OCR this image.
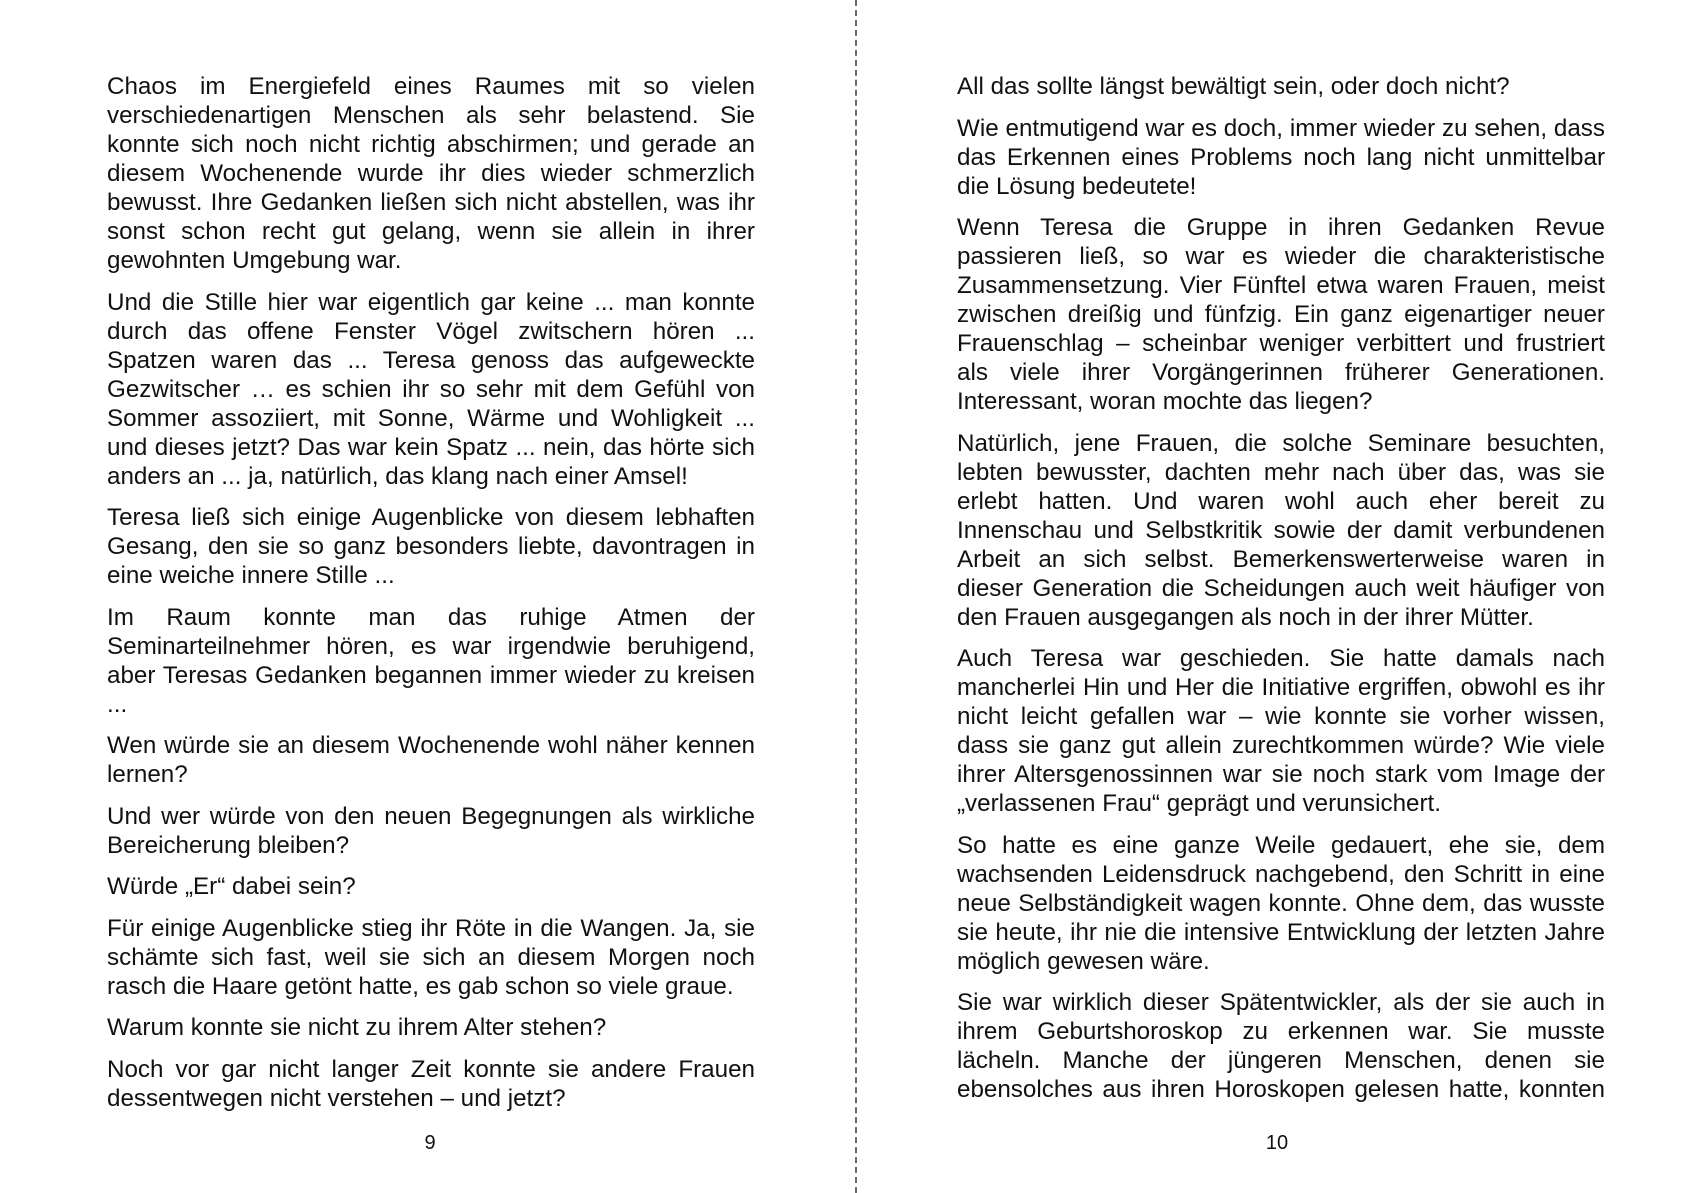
Chaos im Energiefeld eines Raumes mit so vielen verschiedenartigen Menschen als sehr belastend. Sie konnte sich noch nicht richtig abschirmen; und gerade an diesem Wochenende wurde ihr dies wieder schmerzlich bewusst. Ihre Gedanken ließen sich nicht abstellen, was ihr sonst schon recht gut gelang, wenn sie allein in ihrer gewohnten Umgebung war.

Und die Stille hier war eigentlich gar keine ... man konnte durch das offene Fenster Vögel zwitschern hören ... Spatzen waren das ... Teresa genoss das aufgeweckte Gezwitscher … es schien ihr so sehr mit dem Gefühl von Sommer assoziiert, mit Sonne, Wärme und Wohligkeit ... und dieses jetzt? Das war kein Spatz ... nein, das hörte sich anders an ... ja, natürlich, das klang nach einer Amsel!

Teresa ließ sich einige Augenblicke von diesem lebhaften Gesang, den sie so ganz besonders liebte, davontragen in eine weiche innere Stille ...

Im Raum konnte man das ruhige Atmen der Seminarteilnehmer hören, es war irgendwie beruhigend, aber Teresas Gedanken begannen immer wieder zu kreisen ...

Wen würde sie an diesem Wochenende wohl näher kennen lernen?

Und wer würde von den neuen Begegnungen als wirkliche Bereicherung bleiben?

Würde „Er“ dabei sein?

Für einige Augenblicke stieg ihr Röte in die Wangen. Ja, sie schämte sich fast, weil sie sich an diesem Morgen noch rasch die Haare getönt hatte, es gab schon so viele graue.

Warum konnte sie nicht zu ihrem Alter stehen?

Noch vor gar nicht langer Zeit konnte sie andere Frauen dessentwegen nicht verstehen – und jetzt?

9

All das sollte längst bewältigt sein, oder doch nicht?

Wie entmutigend war es doch, immer wieder zu sehen, dass das Erkennen eines Problems noch lang nicht unmittelbar die Lösung bedeutete!

Wenn Teresa die Gruppe in ihren Gedanken Revue passieren ließ, so war es wieder die charakteristische Zusammensetzung. Vier Fünftel etwa waren Frauen, meist zwischen dreißig und fünfzig. Ein ganz eigenartiger neuer Frauenschlag – scheinbar weniger verbittert und frustriert als viele ihrer Vorgängerinnen früherer Generationen. Interessant, woran mochte das liegen?

Natürlich, jene Frauen, die solche Seminare besuchten, lebten bewusster, dachten mehr nach über das, was sie erlebt hatten. Und waren wohl auch eher bereit zu Innenschau und Selbstkritik sowie der damit verbundenen Arbeit an sich selbst. Bemerkenswerterweise waren in dieser Generation die Scheidungen auch weit häufiger von den Frauen ausgegangen als noch in der ihrer Mütter.

Auch Teresa war geschieden. Sie hatte damals nach mancherlei Hin und Her die Initiative ergriffen, obwohl es ihr nicht leicht gefallen war – wie konnte sie vorher wissen, dass sie ganz gut allein zurechtkommen würde? Wie viele ihrer Altersgenossinnen war sie noch stark vom Image der „verlassenen Frau“ geprägt und verunsichert.

So hatte es eine ganze Weile gedauert, ehe sie, dem wachsenden Leidensdruck nachgebend, den Schritt in eine neue Selbständigkeit wagen konnte. Ohne dem, das wusste sie heute, ihr nie die intensive Entwicklung der letzten Jahre möglich gewesen wäre.

Sie war wirklich dieser Spätentwickler, als der sie auch in ihrem Geburtshoroskop zu erkennen war. Sie musste lächeln. Manche der jüngeren Menschen, denen sie ebensolches aus ihren Horoskopen gelesen hatte, konnten

10
